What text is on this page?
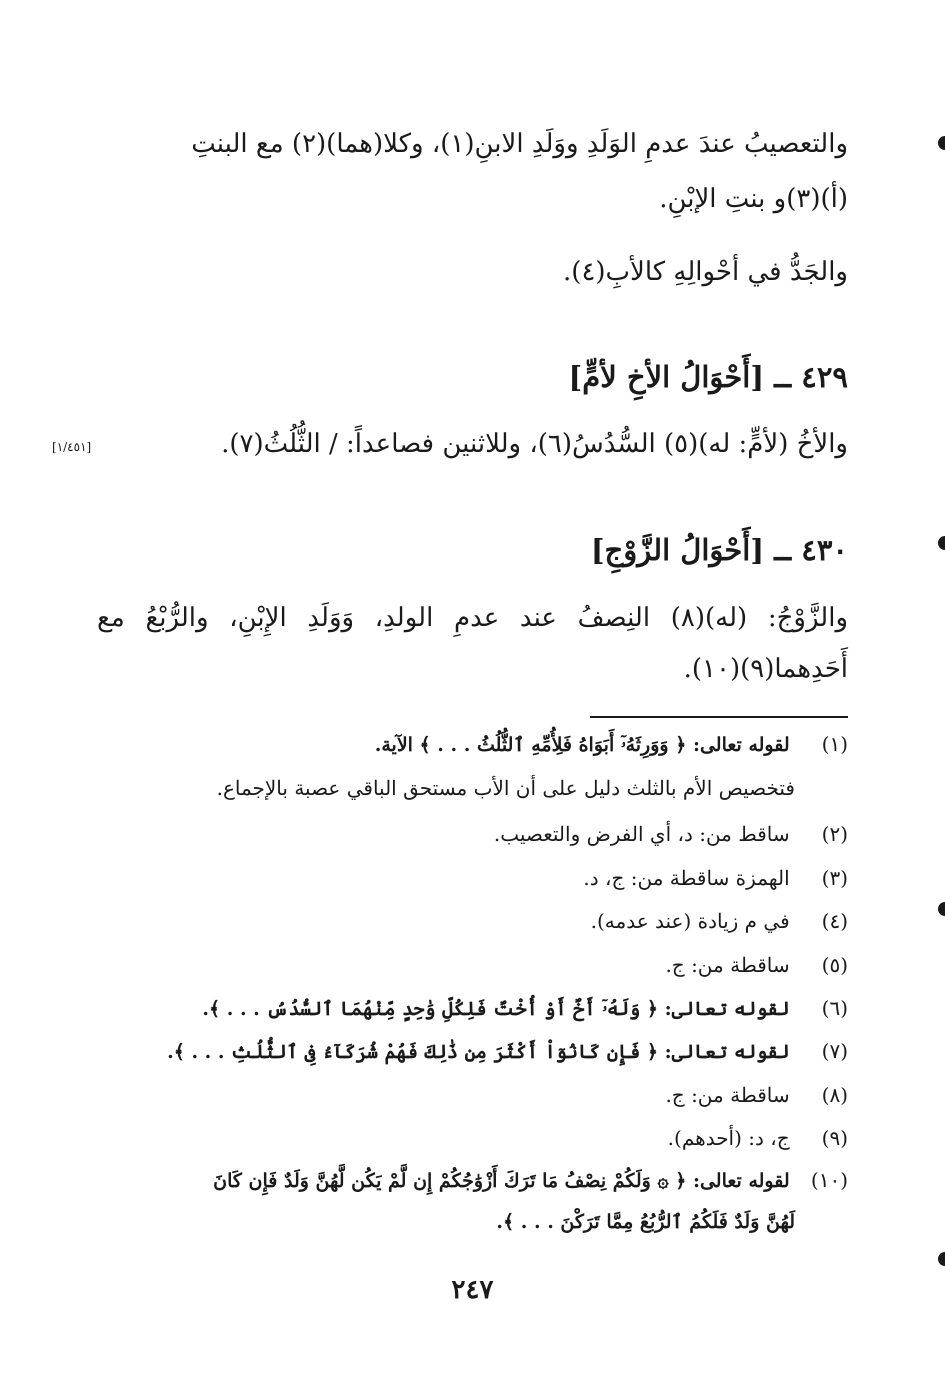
والتعصيبُ عندَ عدمِ الوَلَدِ ووَلَدِ الابنِ(١)، وكلا(هما)(٢) مع البنتِ
(أ)(٣)و بنتِ الإبْنِ.
والجَدُّ في أحْوالِهِ كالأبِ(٤).
٤٢٩ ــ [أَحْوَالُ الأخِ لأمٍّ]
والأخُ (لأمٍّ: له)(٥) السُّدُسُ(٦)، وللاثنين فصاعداً: / الثُّلُثُ(٧).
[١/٤٥١]
٤٣٠ ــ [أَحْوَالُ الزَّوْجِ]
والزَّوْجُ: (له)(٨) النِصفُ عند عدمِ الولدِ، وَوَلَدِ الإِبْنِ، والرُّبْعُ مع
أَحَدِهما(٩)(١٠).
(١) لقوله تعالى: ﴿ وَوَرِثَهُۥٓ أَبَوَاهُ فَلِأُمِّهِ ٱلثُّلُثُ . . . ﴾ الآية.
فتخصيص الأم بالثلث دليل على أن الأب مستحق الباقي عصبة بالإجماع.
(٢) ساقط من: د، أي الفرض والتعصيب.
(٣) الهمزة ساقطة من: ج، د.
(٤) في م زيادة (عند عدمه).
(٥) ساقطة من: ج.
(٦) لقوله تعالى: ﴿ وَلَهُۥٓ أَخٌ أَوْ أُخْتٌ فَلِكُلِّ وَٰحِدٍ مِّنْهُمَا ٱلسُّدُسُ . . . ﴾.
(٧) لقوله تعالى: ﴿ فَإِن كَانُوٓاْ أَكْثَرَ مِن ذَٰلِكَ فَهُمْ شُرَكَآءُ فِى ٱلثُّلُثِ . . . ﴾.
(٨) ساقطة من: ج.
(٩) ج، د: (أحدهم).
(١٠) لقوله تعالى: ﴿ ۞ وَلَكُمْ نِصْفُ مَا تَرَكَ أَزْوَٰجُكُمْ إِن لَّمْ يَكُن لَّهُنَّ وَلَدٌ فَإِن كَانَ
لَهُنَّ وَلَدٌ فَلَكُمُ ٱلرُّبُعُ مِمَّا تَرَكْنَ . . . ﴾.
٢٤٧
